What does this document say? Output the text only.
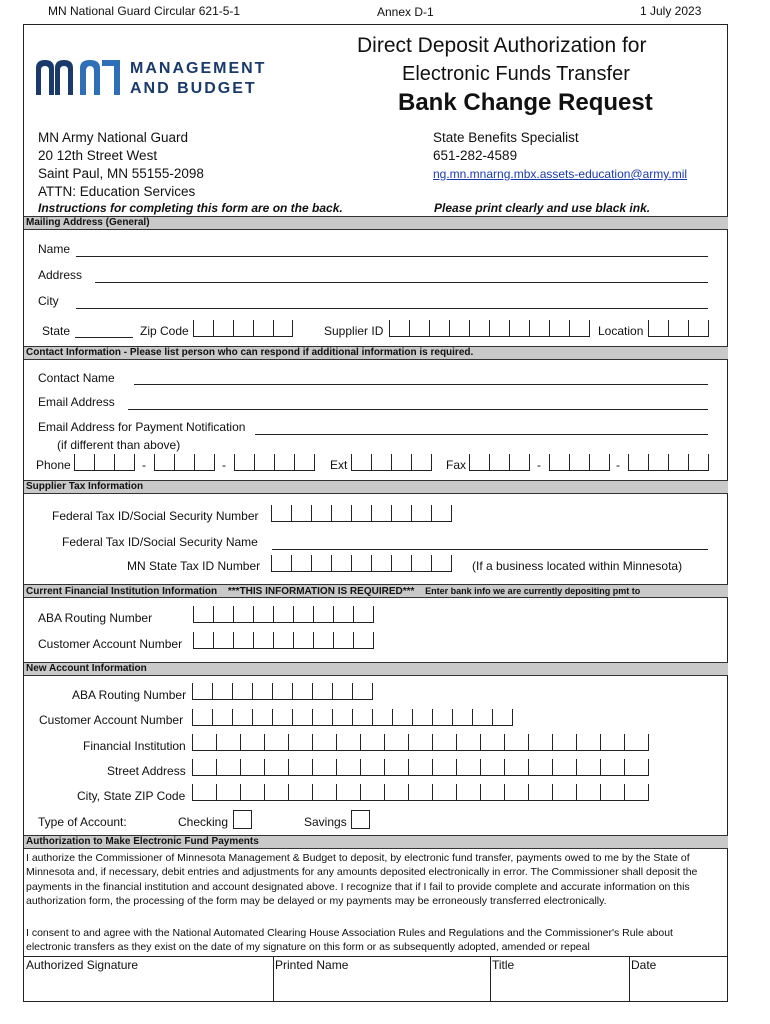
MN National Guard Circular 621-5-1	Annex D-1	1 July 2023
MANAGEMENT
AND BUDGET
Direct Deposit Authorization for
Electronic Funds Transfer
Bank Change Request
MN Army National Guard
20 12th Street West
Saint Paul, MN 55155-2098
ATTN: Education Services
State Benefits Specialist
651-282-4589
ng.mn.mnarng.mbx.assets-education@army.mil
Instructions for completing this form are on the back.	Please print clearly and use black ink.
Mailing Address (General)
Name
Address
City
State	Zip Code	Supplier ID	Location
Contact Information - Please list person who can respond if additional information is required.
Contact Name
Email Address
Email Address for Payment Notification
(if different than above)
Phone	-	-	Ext	Fax	-	-
Supplier Tax Information
Federal Tax ID/Social Security Number
Federal Tax ID/Social Security Name
MN State Tax ID Number	(If a business located within Minnesota)
Current Financial Institution Information ***THIS INFORMATION IS REQUIRED*** Enter bank info we are currently depositing pmt to
ABA Routing Number
Customer Account Number
New Account Information
ABA Routing Number
Customer Account Number
Financial Institution
Street Address
City, State ZIP Code
Type of Account:	Checking	Savings
Authorization to Make Electronic Fund Payments
I authorize the Commissioner of Minnesota Management & Budget to deposit, by electronic fund transfer, payments owed to me by the State of Minnesota and, if necessary, debit entries and adjustments for any amounts deposited electronically in error. The Commissioner shall deposit the payments in the financial institution and account designated above. I recognize that if I fail to provide complete and accurate information on this authorization form, the processing of the form may be delayed or my payments may be erroneously transferred electronically.
I consent to and agree with the National Automated Clearing House Association Rules and Regulations and the Commissioner's Rule about electronic transfers as they exist on the date of my signature on this form or as subsequently adopted, amended or repeal
Authorized Signature	Printed Name	Title	Date
